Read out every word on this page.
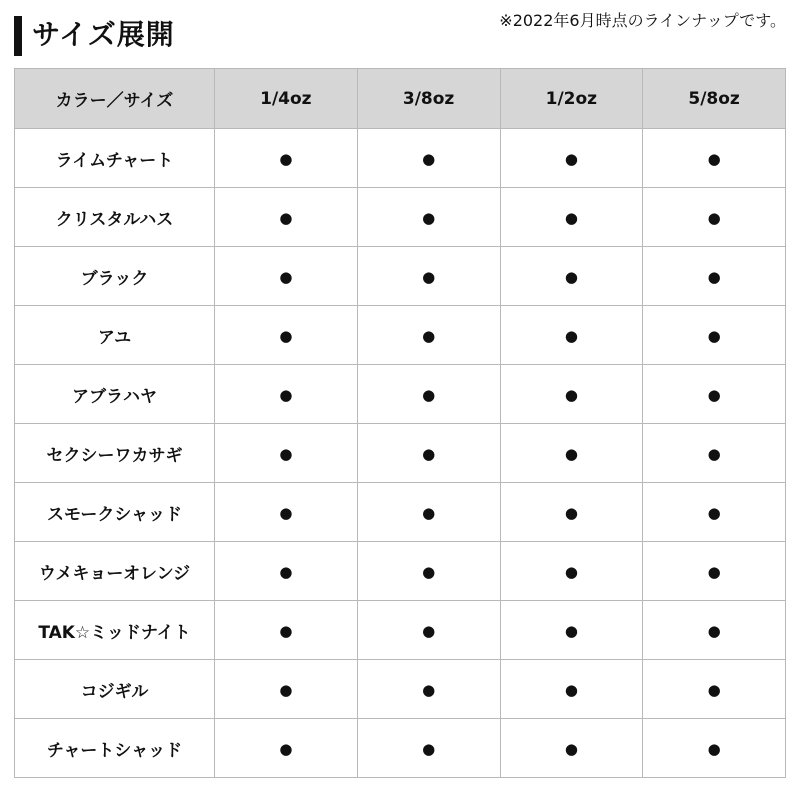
サイズ展開	※2022年6月時点のラインナップです。
カラー／サイズ	1/4oz	3/8oz	1/2oz	5/8oz
ライムチャート	●	●	●	●
クリスタルハス	●	●	●	●
ブラック	●	●	●	●
アユ	●	●	●	●
アブラハヤ	●	●	●	●
セクシーワカサギ	●	●	●	●
スモークシャッド	●	●	●	●
ウメキョーオレンジ	●	●	●	●
TAK☆ミッドナイト	●	●	●	●
コジギル	●	●	●	●
チャートシャッド	●	●	●	●
